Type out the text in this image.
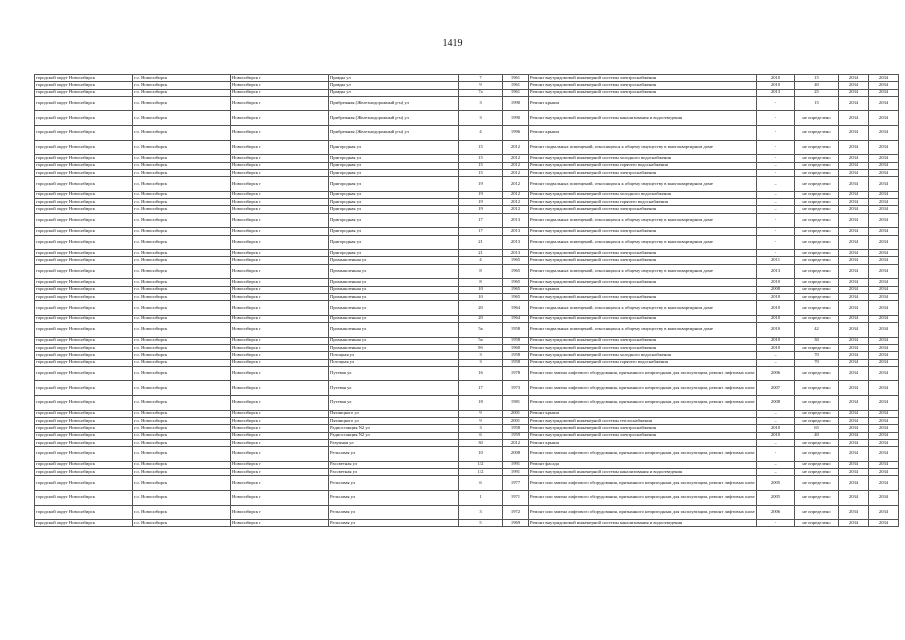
1419
городской округ Новосибирск	г.о. Новосибирск	Новосибирск г	Правды ул	7	1961	Ремонт внутридомовой инженерной системы электроснабжения	2010	15	2034	2034
городской округ Новосибирск	г.о. Новосибирск	Новосибирск г	Правды ул	9	1961	Ремонт внутридомовой инженерной системы электроснабжения	2010	40	2034	2034
городской округ Новосибирск	г.о. Новосибирск	Новосибирск г	Правды ул	7а	1961	Ремонт внутридомовой инженерной системы электроснабжения	2013	25	2034	2034
городской округ Новосибирск	г.о. Новосибирск	Новосибирск г	Прибрежная (Железнодорожный р-н) ул	3	1990	Ремонт крыши	-	15	2034	2034
городской округ Новосибирск	г.о. Новосибирск	Новосибирск г	Прибрежная (Железнодорожный р-н) ул	3	1990	Ремонт внутридомовой инженерной системы канализования и водоотведения	-	не определено	2034	2034
городской округ Новосибирск	г.о. Новосибирск	Новосибирск г	Прибрежная (Железнодорожный р-н) ул	4	1996	Ремонт крыши	-	не определено	2034	2034
городской округ Новосибирск	г.о. Новосибирск	Новосибирск г	Пригородная ул	15	2012	Ремонт подвальных помещений, относящихся к общему имуществу в многоквартирном доме	-	не определено	2034	2034
городской округ Новосибирск	г.о. Новосибирск	Новосибирск г	Пригородная ул	15	2012	Ремонт внутридомовой инженерной системы холодного водоснабжения	-	не определено	2034	2034
городской округ Новосибирск	г.о. Новосибирск	Новосибирск г	Пригородная ул	15	2012	Ремонт внутридомовой инженерной системы горячего водоснабжения	–	не определено	2034	2034
городской округ Новосибирск	г.о. Новосибирск	Новосибирск г	Пригородная ул	15	2012	Ремонт внутридомовой инженерной системы электроснабжения	-	не определено	2034	2034
городской округ Новосибирск	г.о. Новосибирск	Новосибирск г	Пригородная ул	19	2012	Ремонт подвальных помещений, относящихся к общему имуществу в многоквартирном доме	–	не определено	2034	2034
городской округ Новосибирск	г.о. Новосибирск	Новосибирск г	Пригородная ул	19	2012	Ремонт внутридомовой инженерной системы холодного водоснабжения	–	не определено	2034	2034
городской округ Новосибирск	г.о. Новосибирск	Новосибирск г	Пригородная ул	19	2012	Ремонт внутридомовой инженерной системы горячего водоснабжения	–	не определено	2034	2034
городской округ Новосибирск	г.о. Новосибирск	Новосибирск г	Пригородная ул	19	2012	Ремонт внутридомовой инженерной системы электроснабжения	–	не определено	2034	2034
городской округ Новосибирск	г.о. Новосибирск	Новосибирск г	Пригородная ул	17	2013	Ремонт подвальных помещений, относящихся к общему имуществу в многоквартирном доме	-	не определено	2034	2034
городской округ Новосибирск	г.о. Новосибирск	Новосибирск г	Пригородная ул	17	2013	Ремонт внутридомовой инженерной системы электроснабжения	-	не определено	2034	2034
городской округ Новосибирск	г.о. Новосибирск	Новосибирск г	Пригородная ул	21	2013	Ремонт подвальных помещений, относящихся к общему имуществу в многоквартирном доме	-	не определено	2034	2034
городской округ Новосибирск	г.о. Новосибирск	Новосибирск г	Пригородная ул	21	2013	Ремонт внутридомовой инженерной системы электроснабжения	-	не определено	2034	2034
городской округ Новосибирск	г.о. Новосибирск	Новосибирск г	Промышленная ул	4	1965	Ремонт внутридомовой инженерной системы электроснабжения	2011	не определено	2034	2034
городской округ Новосибирск	г.о. Новосибирск	Новосибирск г	Промышленная ул	8	1965	Ремонт подвальных помещений, относящихся к общему имуществу в многоквартирном доме	2013	не определено	2034	2034
городской округ Новосибирск	г.о. Новосибирск	Новосибирск г	Промышленная ул	8	1965	Ремонт внутридомовой инженерной системы электроснабжения	2010	не определено	2034	2034
городской округ Новосибирск	г.о. Новосибирск	Новосибирск г	Промышленная ул	10	1965	Ремонт крыши	2008	не определено	2034	2034
городской округ Новосибирск	г.о. Новосибирск	Новосибирск г	Промышленная ул	10	1965	Ремонт внутридомовой инженерной системы электроснабжения	2010	не определено	2034	2034
городской округ Новосибирск	г.о. Новосибирск	Новосибирск г	Промышленная ул	20	1964	Ремонт подвальных помещений, относящихся к общему имуществу в многоквартирном доме	2010	не определено	2034	2034
городской округ Новосибирск	г.о. Новосибирск	Новосибирск г	Промышленная ул	20	1964	Ремонт внутридомовой инженерной системы электроснабжения	2010	не определено	2034	2034
городской округ Новосибирск	г.о. Новосибирск	Новосибирск г	Промышленная ул	5а	1958	Ремонт подвальных помещений, относящихся к общему имуществу в многоквартирном доме	2010	42	2034	2034
городской округ Новосибирск	г.о. Новосибирск	Новосибирск г	Промышленная ул	5а	1958	Ремонт внутридомовой инженерной системы электроснабжения	2010	30	2034	2034
городской округ Новосибирск	г.о. Новосибирск	Новосибирск г	Промышленная ул	9б	1960	Ремонт внутридомовой инженерной системы электроснабжения	2010	не определено	2034	2034
городской округ Новосибирск	г.о. Новосибирск	Новосибирск г	Потоцкая ул	3	1958	Ремонт внутридомовой инженерной системы холодного водоснабжения	–	70	2034	2034
городской округ Новосибирск	г.о. Новосибирск	Новосибирск г	Потоцкая ул	3	1958	Ремонт внутридомовой инженерной системы горячего водоснабжения	–	70	2034	2034
городской округ Новосибирск	г.о. Новосибирск	Новосибирск г	Путевая ул	16	1978	Ремонт или замена лифтового оборудования, признанного непригодным для эксплуатации, ремонт лифтовых шахт	2006	не определено	2034	2034
городской округ Новосибирск	г.о. Новосибирск	Новосибирск г	Путевая ул	17	1973	Ремонт или замена лифтового оборудования, признанного непригодным для эксплуатации, ремонт лифтовых шахт	2007	не определено	2034	2034
городской округ Новосибирск	г.о. Новосибирск	Новосибирск г	Путевая ул	18	1981	Ремонт или замена лифтового оборудования, признанного непригодным для эксплуатации, ремонт лифтовых шахт	2008	не определено	2034	2034
городской округ Новосибирск	г.о. Новосибирск	Новосибирск г	Пятницкого ул	9	2001	Ремонт крыши	–	не определено	2034	2034
городской округ Новосибирск	г.о. Новосибирск	Новосибирск г	Пятницкого ул	9	2001	Ремонт внутридомовой инженерной системы теплоснабжения	–	не определено	2034	2034
городской округ Новосибирск	г.о. Новосибирск	Новосибирск г	Радиостанция N2 ул	3	1958	Ремонт внутридомовой инженерной системы электроснабжения	2010	65	2034	2034
городской округ Новосибирск	г.о. Новосибирск	Новосибирск г	Радиостанция N2 ул	6	1959	Ремонт внутридомовой инженерной системы электроснабжения	2010	40	2034	2034
городской округ Новосибирск	г.о. Новосибирск	Новосибирск г	Разумная ул	30	2012	Ремонт крыши	–	не определено	2034	2034
городской округ Новосибирск	г.о. Новосибирск	Новосибирск г	Рельсовая ул	10	2008	Ремонт или замена лифтового оборудования, признанного непригодным для эксплуатации, ремонт лифтовых шахт	-	не определено	2034	2034
городской округ Новосибирск	г.о. Новосибирск	Новосибирск г	Рассветная ул	1/2	1991	Ремонт фасада	–	не определено	2034	2034
городской округ Новосибирск	г.о. Новосибирск	Новосибирск г	Рассветная ул	1/2	1991	Ремонт внутридомовой инженерной системы канализования и водоотведения	–	не определено	2034	2034
городской округ Новосибирск	г.о. Новосибирск	Новосибирск г	Рельсовая ул	6	1977	Ремонт или замена лифтового оборудования, признанного непригодным для эксплуатации, ремонт лифтовых шахт	2005	не определено	2034	2034
городской округ Новосибирск	г.о. Новосибирск	Новосибирск г	Рельсовая ул	1	1971	Ремонт или замена лифтового оборудования, признанного непригодным для эксплуатации, ремонт лифтовых шахт	2005	не определено	2034	2034
городской округ Новосибирск	г.о. Новосибирск	Новосибирск г	Рельсовая ул	3	1972	Ремонт или замена лифтового оборудования, признанного непригодным для эксплуатации, ремонт лифтовых шахт	2006	не определено	2034	2034
городской округ Новосибирск	г.о. Новосибирск	Новосибирск г	Рельсовая ул	5	1969	Ремонт внутридомовой инженерной системы канализования и водоотведения	-	не определено	2034	2034
